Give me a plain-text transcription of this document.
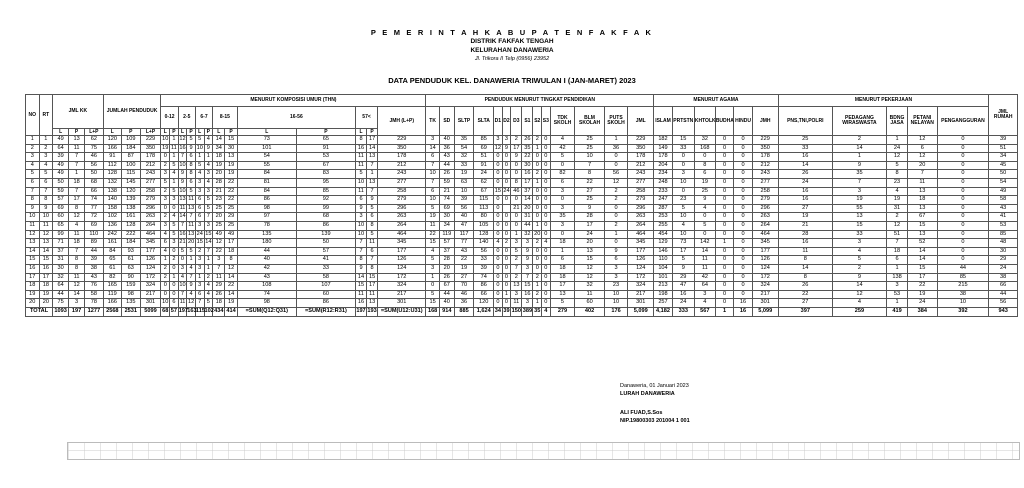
P E M E R I N T A H K A B U P A T E N F A K F A K
DISTRIK FAKFAK TENGAH
KELURAHAN DANAWERIA
Jl. Trikora II Telp (0956) 23952
DATA PENDUDUK KEL. DANAWERIA TRIWULAN I (JAN-MARET) 2023
NO	RT	JML KK			JUMLAH PENDUDUK			MENURUT KOMPOSISI UMUR (THN)													PENDUDUK MENURUT TINGKAT PENDIDIKAN														MENURUT AGAMA						MENURUT PEKERJAAN					JML RUMAH
								0-12		2-5		6-7		8-15		16-56		57<		JMH (L+P)	TK	SD	SLTP	SLTA	D1	D2	D3	S1	S2	S3	TDK SKOLH	BLM SKOLAH	PUTS SKOLH	JML	ISLAM	PRTSTN	KHTOLK	BUDHA	HINDU	JMH	PNS,TNI,POLRI	PEDAGANG WIRASWASTA	BDNG JASA	PETANI NELAYAN	PENGANGGURAN	
		L	P	L+P	L	P	L+P	L	P	L	P	L	P	L	P	L	P	L	P																											
1	1	49	13	62	120	109	229	10	1	12	5	5	4	14	15	73	65	8	17	229	3	40	35	85	3	3	2	26	2	0	4	25	1	229	182	15	32	0	0	229	25	2	1	12	0	39
2	2	64	11	75	166	184	350	19	11	16	9	10	9	34	30	101	91	16	14	350	14	36	54	69	12	9	17	35	1	0	42	25	36	350	149	33	168	0	0	350	33	14	24	6	0	51
3	3	39	7	46	91	87	178	0	1	7	6	1	1	18	13	54	53	11	13	178	6	43	32	51	0	0	9	22	0	0	5	10	0	178	178	0	0	0	0	178	16	1	12	12	0	34
4	4	49	7	56	112	100	212	2	5	10	8	5	4	19	19	55	67	11	7	212	7	44	33	91	0	0	0	30	0	0	0	7	0	212	204	0	8	0	0	212	14	9	5	20	0	45
5	5	49	1	50	128	115	243	3	4	9	8	4	3	20	19	84	83	5	1	243	10	26	19	24	0	0	0	16	2	0	82	8	56	243	234	3	6	0	0	243	26	35	8	7	0	50
6	6	50	18	68	132	145	277	5	1	9	6	3	4	28	22	81	95	10	13	277	7	59	63	62	0	0	8	17	1	0	6	22	12	277	248	10	19	0	0	277	24	7	23	11	0	54
7	7	59	7	66	138	120	258	2	5	10	5	3	3	21	22	84	85	11	7	258	6	21	10	67	15	24	46	37	0	0	3	27	2	258	233	0	25	0	0	258	16	3	4	13	0	49
8	8	57	17	74	140	139	279	3	3	13	11	6	5	23	22	86	92	6	9	279	10	74	39	115	0	0	0	14	0	0	0	25	2	279	247	23	9	0	0	279	16	19	19	18	0	58
9	9	69	8	77	158	138	296	0	0	11	13	6	5	25	25	98	99	9	5	296	5	69	56	113	0		21	20	0	0	3	9	0	296	287	5	4	0	0	296	27	55	31	13	0	43
10	10	60	12	72	102	161	263	2	4	14	7	6	7	20	29	97	68	3	6	263	19	30	40	80	0	0	0	31	0	0	35	28	0	263	253	10	0	0	0	263	19	13	2	67	0	41
11	11	65	4	69	136	128	264	3	5	7	11	3	3	25	25	78	86	10	8	264	11	34	47	105	0	0	0	44	1	0	3	17	2	264	255	4	5	0	0	264	21	15	12	15	0	53
12	12	99	11	110	242	222	464	4	5	16	13	24	15	49	49	135	139	10	5	464	22	119	117	128	0	0	1	32	20	0	0	24	1	464	454	10	0	0	0	464	28	33	51	13	0	85
13	13	71	18	89	161	184	345	6	3	21	20	15	14	12	17	180	50	7	11	345	15	57	77	140	4	2	3	3	2	4	18	20	0	345	129	73	142	1	0	345	16	3	7	52	0	48
14	14	37	7	44	84	93	177	4	0	5	5	2	7	22	18	44	57	7	6	177	4	37	43	56	0	0	5	9	0	0	1	13	9	177	146	17	14	0	0	177	11	4	18	14	0	30
15	15	31	8	39	65	61	126	1	2	0	1	3	1	3	8	40	41	8	7	126	5	28	22	33	0	0	2	9	0	0	6	15	6	126	110	5	11	0	0	126	8	5	6	14	0	29
16	16	30	8	38	61	63	124	2	0	3	4	3	1	7	12	42	33	9	8	124	3	20	19	39	0	0	7	3	0	0	18	12	3	124	104	9	11	0	0	124	14	2	1	15	44	24
17	17	32	11	43	82	90	172	2	1	4	7	1	2	11	14	43	58	14	15	172	1	26	27	74	0	0	2	7	2	0	18	12	3	172	101	29	42	0	0	172	8	9	138	17	85	38
18	18	64	12	76	165	159	324	0	0	10	9	3	4	29	22	108	107	15	17	324	0	67	70	86	0	0	13	15	1	0	17	32	23	324	213	47	64	0	0	324	26	14	3	22	215	66
19	19	44	14	58	119	98	217	0	0	7	4	6	4	26	14	74	60	11	11	217	5	44	46	66	0	1	3	16	2	0	13	11	10	217	198	16	3	0	0	217	22	12	53	19	38	44
20	20	75	3	78	166	135	301	10	6	11	12	7	5	18	19	98	86	16	13	301	15	40	36	120	0	0	11	3	1	0	5	60	10	301	257	24	4	0	16	301	27	4	1	24	10	56
TOTAL		1093	197	1277	2568	2531	5099	68	57	197	163	115	102	434	414	=SUM(Q12:Q31)	=SUM(R12:R31)	197	193	=SUM(U12:U31)	168	914	885	1,624	34	39	150	389	35	4	279	402	176	5,099	4,182	333	567	1	16	5,099	397	259	419	384	392	943
Danaweria, 01 Januari 2023
LURAH DANAWERIA
ALI FUAD,S.Sos
NIP.19800303 201004 1 001
